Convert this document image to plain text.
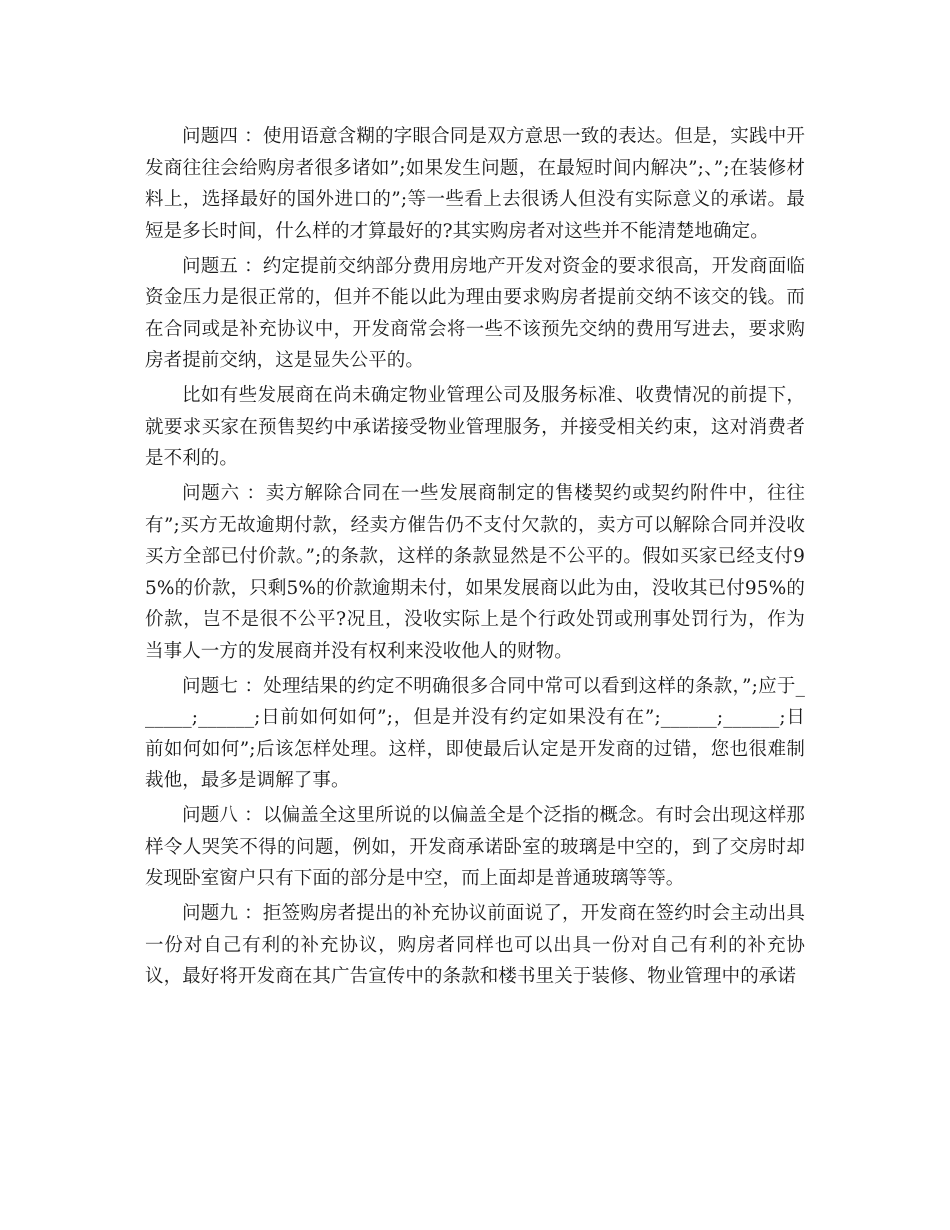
问题四 ：使用语意含糊的字眼合同是双方意思一致的表达。但是，实践中开发商往往会给购房者很多诸如”;如果发生问题，在最短时间内解决”;、”;在装修材料上，选择最好的国外进口的”;等一些看上去很诱人但没有实际意义的承诺。最短是多长时间，什么样的才算最好的?其实购房者对这些并不能清楚地确定。

问题五 ：约定提前交纳部分费用房地产开发对资金的要求很高，开发商面临资金压力是很正常的，但并不能以此为理由要求购房者提前交纳不该交的钱。而在合同或是补充协议中，开发商常会将一些不该预先交纳的费用写进去，要求购房者提前交纳，这是显失公平的。

比如有些发展商在尚未确定物业管理公司及服务标准、收费情况的前提下，就要求买家在预售契约中承诺接受物业管理服务，并接受相关约束，这对消费者是不利的。

问题六 ：卖方解除合同在一些发展商制定的售楼契约或契约附件中，往往有”;买方无故逾期付款，经卖方催告仍不支付欠款的，卖方可以解除合同并没收买方全部已付价款。”;的条款，这样的条款显然是不公平的。假如买家已经支付95%的价款，只剩5%的价款逾期未付，如果发展商以此为由，没收其已付95%的价款，岂不是很不公平?况且，没收实际上是个行政处罚或刑事处罚行为，作为当事人一方的发展商并没有权利来没收他人的财物。

问题七 ：处理结果的约定不明确很多合同中常可以看到这样的条款，”;应于______;______;日前如何如何”;，但是并没有约定如果没有在”;______;______;日前如何如何”;后该怎样处理。这样，即使最后认定是开发商的过错，您也很难制裁他，最多是调解了事。

问题八 ：以偏盖全这里所说的以偏盖全是个泛指的概念。有时会出现这样那样令人哭笑不得的问题，例如，开发商承诺卧室的玻璃是中空的，到了交房时却发现卧室窗户只有下面的部分是中空，而上面却是普通玻璃等等。

问题九 ：拒签购房者提出的补充协议前面说了，开发商在签约时会主动出具一份对自己有利的补充协议，购房者同样也可以出具一份对自己有利的补充协议，最好将开发商在其广告宣传中的条款和楼书里关于装修、物业管理中的承诺
